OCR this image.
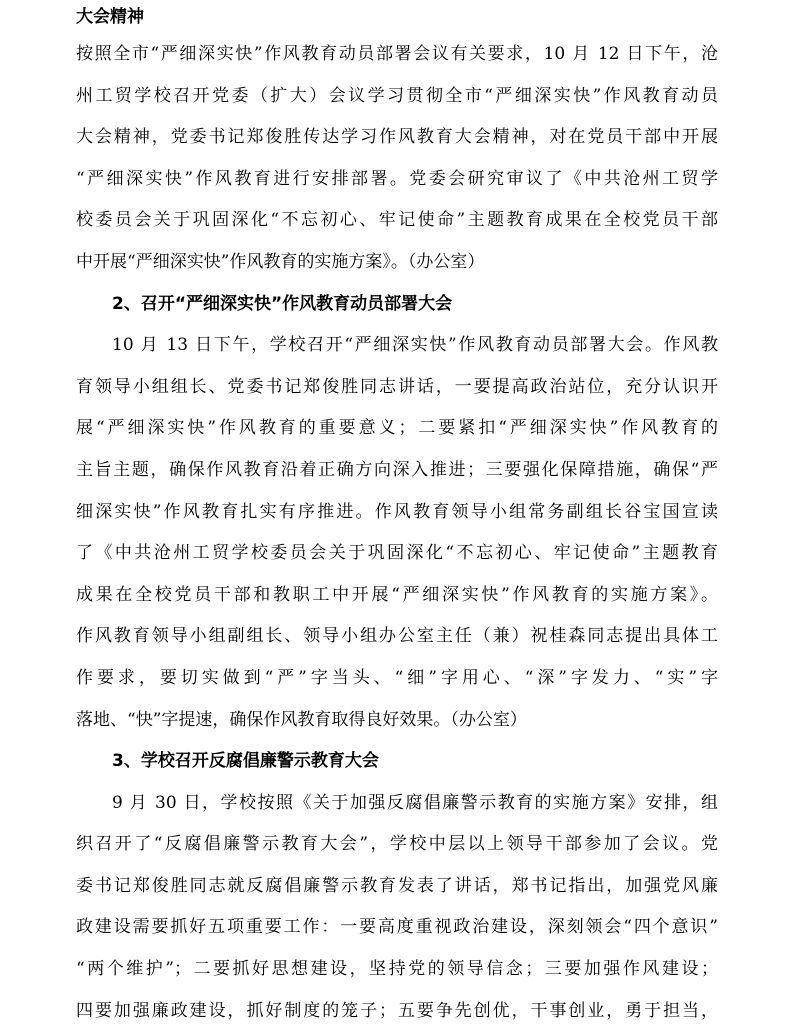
大会精神
按照全市“严细深实快”作风教育动员部署会议有关要求，10 月 12 日下午，沧
州工贸学校召开党委（扩大）会议学习贯彻全市“严细深实快”作风教育动员
大会精神，党委书记郑俊胜传达学习作风教育大会精神，对在党员干部中开展
“严细深实快”作风教育进行安排部署。党委会研究审议了《中共沧州工贸学
校委员会关于巩固深化“不忘初心、牢记使命”主题教育成果在全校党员干部
中开展“严细深实快”作风教育的实施方案》。（办公室）
2、召开“严细深实快”作风教育动员部署大会
10 月 13 日下午，学校召开“严细深实快”作风教育动员部署大会。作风教
育领导小组组长、党委书记郑俊胜同志讲话，一要提高政治站位，充分认识开
展“严细深实快”作风教育的重要意义；二要紧扣“严细深实快”作风教育的
主旨主题，确保作风教育沿着正确方向深入推进；三要强化保障措施，确保“严
细深实快”作风教育扎实有序推进。作风教育领导小组常务副组长谷宝国宣读
了《中共沧州工贸学校委员会关于巩固深化“不忘初心、牢记使命”主题教育
成果在全校党员干部和教职工中开展“严细深实快”作风教育的实施方案》。
作风教育领导小组副组长、领导小组办公室主任（兼）祝桂森同志提出具体工
作要求，要切实做到“严”字当头、“细”字用心、“深”字发力、“实”字
落地、“快”字提速，确保作风教育取得良好效果。（办公室）
3、学校召开反腐倡廉警示教育大会
9 月 30 日，学校按照《关于加强反腐倡廉警示教育的实施方案》安排，组
织召开了“反腐倡廉警示教育大会”，学校中层以上领导干部参加了会议。党
委书记郑俊胜同志就反腐倡廉警示教育发表了讲话，郑书记指出，加强党风廉
政建设需要抓好五项重要工作：一要高度重视政治建设，深刻领会“四个意识”
“两个维护”；二要抓好思想建设，坚持党的领导信念；三要加强作风建设；
四要加强廉政建设，抓好制度的笼子；五要争先创优，干事创业，勇于担当，
